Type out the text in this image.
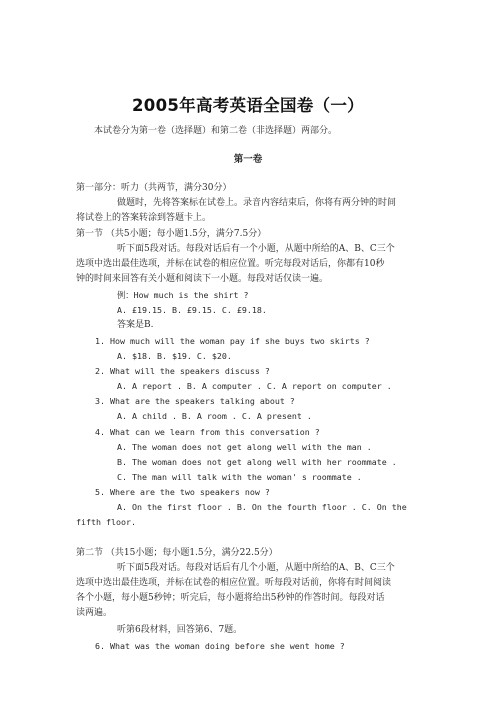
2005年高考英语全国卷（一）
本试卷分为第一卷（选择题）和第二卷（非选择题）两部分。
第一卷
第一部分：听力（共两节，满分30分）
做题时，先将答案标在试卷上。录音内容结束后，你将有两分钟的时间
将试卷上的答案转涂到答题卡上。
第一节 （共5小题；每小题1.5分，满分7.5分）
听下面5段对话。每段对话后有一个小题，从题中所给的A、B、C三个
选项中选出最佳选项，并标在试卷的相应位置。听完每段对话后，你都有10秒
钟的时间来回答有关小题和阅读下一小题。每段对话仅读一遍。
例：How much is the shirt ?
A. £19.15. B. £9.15. C. £9.18.
答案是B.
1. How much will the woman pay if she buys two skirts ?
A. $18. B. $19. C. $20.
2. What will the speakers discuss ?
A. A report . B. A computer . C. A report on computer .
3. What are the speakers talking about ?
A. A child . B. A room . C. A present .
4. What can we learn from this conversation ?
A. The woman does not get along well with the man .
B. The woman does not get along well with her roommate .
C. The man will talk with the woman' s roommate .
5. Where are the two speakers now ?
A. On the first floor . B. On the fourth floor . C. On the
fifth floor.
第二节 （共15小题；每小题1.5分，满分22.5分）
听下面5段对话。每段对话后有几个小题，从题中所给的A、B、C三个
选项中选出最佳选项，并标在试卷的相应位置。听每段对话前，你将有时间阅读
各个小题，每小题5秒钟；听完后，每小题将给出5秒钟的作答时间。每段对话
读两遍。
听第6段材料，回答第6、7题。
6. What was the woman doing before she went home ?
